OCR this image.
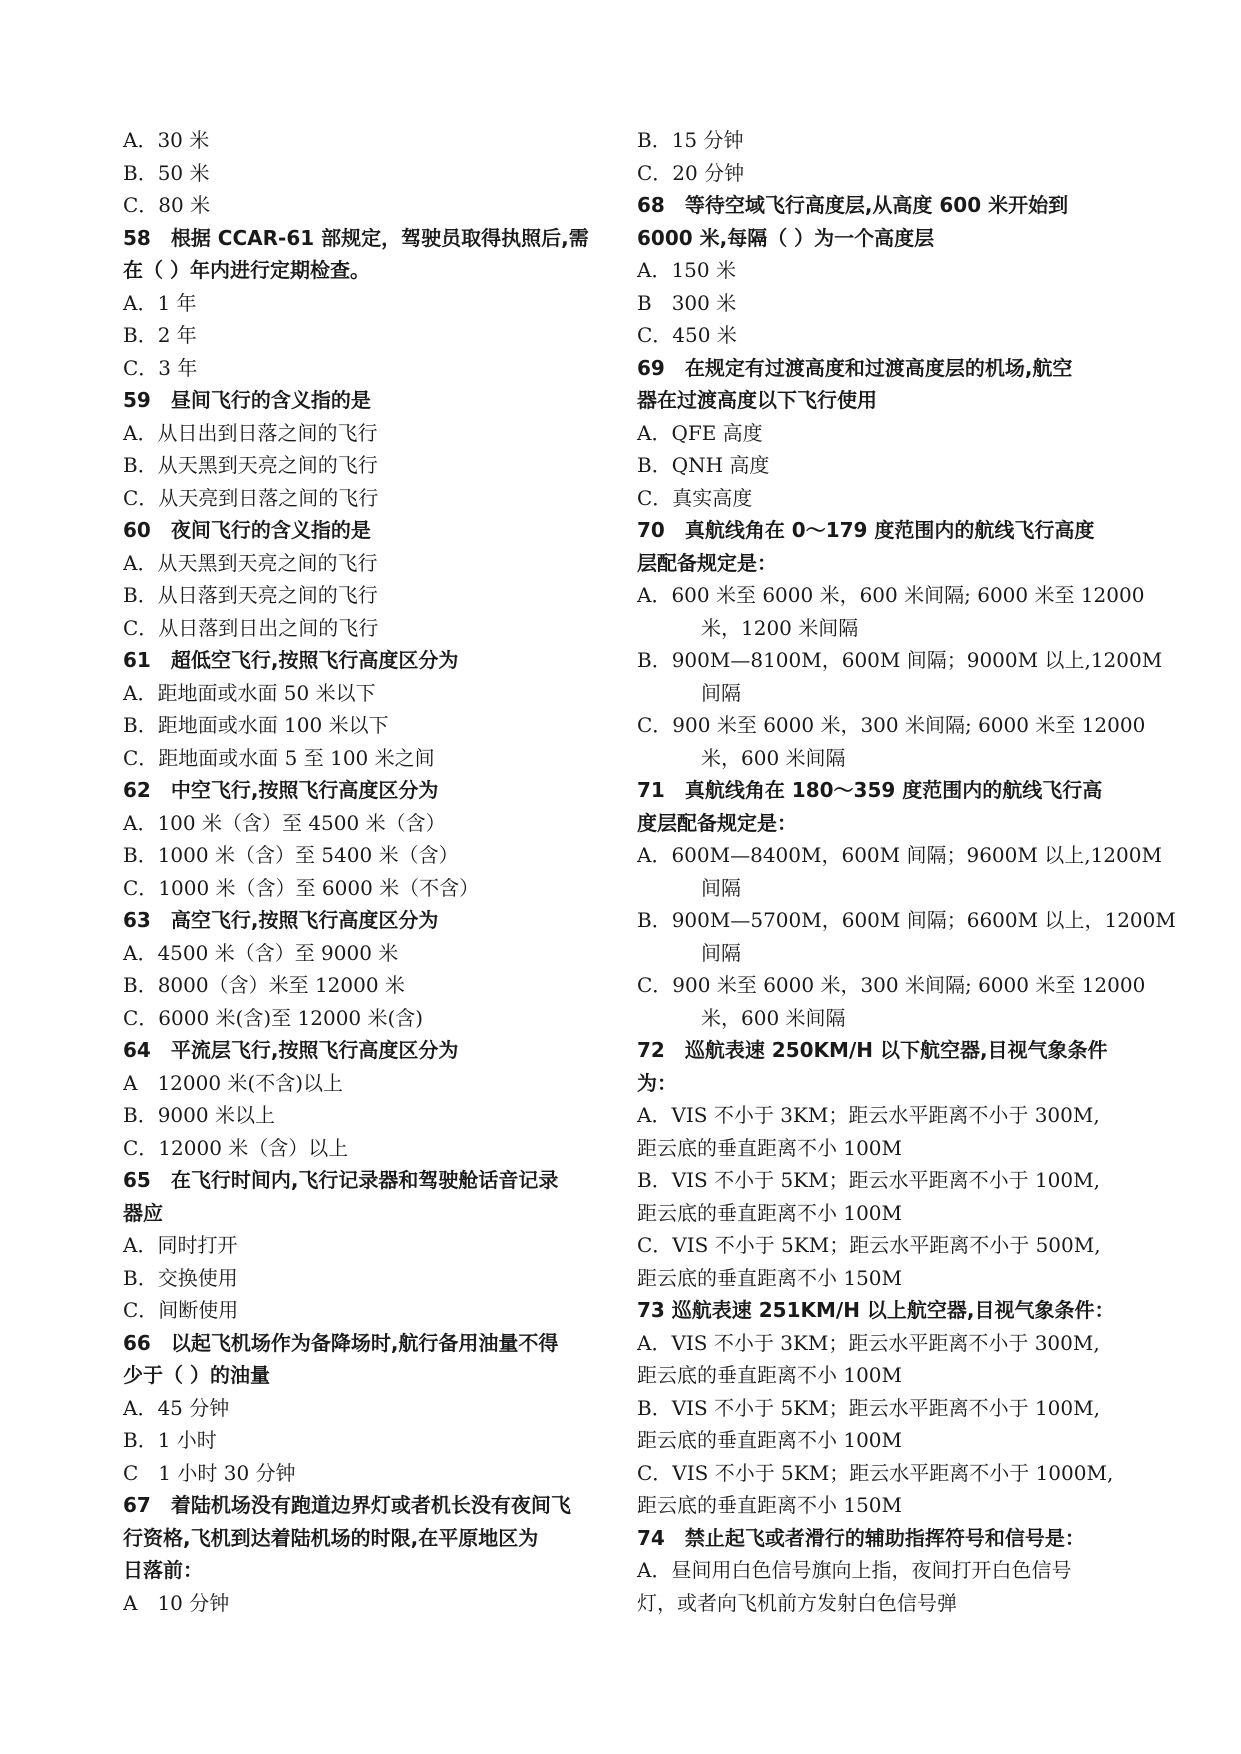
A．30 米
B．50 米
C．80 米
58　根据 CCAR-61 部规定，驾驶员取得执照后,需
在（ ）年内进行定期检查。
A．1 年
B．2 年
C．3 年
59　昼间飞行的含义指的是
A．从日出到日落之间的飞行
B．从天黑到天亮之间的飞行
C．从天亮到日落之间的飞行
60　夜间飞行的含义指的是
A．从天黑到天亮之间的飞行
B．从日落到天亮之间的飞行
C．从日落到日出之间的飞行
61　超低空飞行,按照飞行高度区分为
A．距地面或水面 50 米以下
B．距地面或水面 100 米以下
C．距地面或水面 5 至 100 米之间
62　中空飞行,按照飞行高度区分为
A．100 米（含）至 4500 米（含）
B．1000 米（含）至 5400 米（含）
C．1000 米（含）至 6000 米（不含）
63　高空飞行,按照飞行高度区分为
A．4500 米（含）至 9000 米
B．8000（含）米至 12000 米
C．6000 米(含)至 12000 米(含)
64　平流层飞行,按照飞行高度区分为
A　12000 米(不含)以上
B．9000 米以上
C．12000 米（含）以上
65　在飞行时间内,飞行记录器和驾驶舱话音记录
器应
A．同时打开
B．交换使用
C．间断使用
66　以起飞机场作为备降场时,航行备用油量不得
少于（ ）的油量
A．45 分钟
B．1 小时
C　1 小时 30 分钟
67　着陆机场没有跑道边界灯或者机长没有夜间飞
行资格,飞机到达着陆机场的时限,在平原地区为
日落前：
A　10 分钟
B．15 分钟
C．20 分钟
68　等待空域飞行高度层,从高度 600 米开始到
6000 米,每隔（ ）为一个高度层
A．150 米
B　300 米
C．450 米
69　在规定有过渡高度和过渡高度层的机场,航空
器在过渡高度以下飞行使用
A．QFE 高度
B．QNH 高度
C．真实高度
70　真航线角在 0～179 度范围内的航线飞行高度
层配备规定是：
A．600 米至 6000 米，600 米间隔; 6000 米至 12000
米，1200 米间隔
B．900M—8100M，600M 间隔；9000M 以上,1200M
间隔
C．900 米至 6000 米，300 米间隔; 6000 米至 12000
米，600 米间隔
71　真航线角在 180～359 度范围内的航线飞行高
度层配备规定是：
A．600M—8400M，600M 间隔；9600M 以上,1200M
间隔
B．900M—5700M，600M 间隔；6600M 以上，1200M
间隔
C．900 米至 6000 米，300 米间隔; 6000 米至 12000
米，600 米间隔
72　巡航表速 250KM/H 以下航空器,目视气象条件
为：
A．VIS 不小于 3KM；距云水平距离不小于 300M,
距云底的垂直距离不小 100M
B．VIS 不小于 5KM；距云水平距离不小于 100M,
距云底的垂直距离不小 100M
C．VIS 不小于 5KM；距云水平距离不小于 500M,
距云底的垂直距离不小 150M
73 巡航表速 251KM/H 以上航空器,目视气象条件：
A．VIS 不小于 3KM；距云水平距离不小于 300M,
距云底的垂直距离不小 100M
B．VIS 不小于 5KM；距云水平距离不小于 100M,
距云底的垂直距离不小 100M
C．VIS 不小于 5KM；距云水平距离不小于 1000M,
距云底的垂直距离不小 150M
74　禁止起飞或者滑行的辅助指挥符号和信号是：
A．昼间用白色信号旗向上指，夜间打开白色信号
灯，或者向飞机前方发射白色信号弹
